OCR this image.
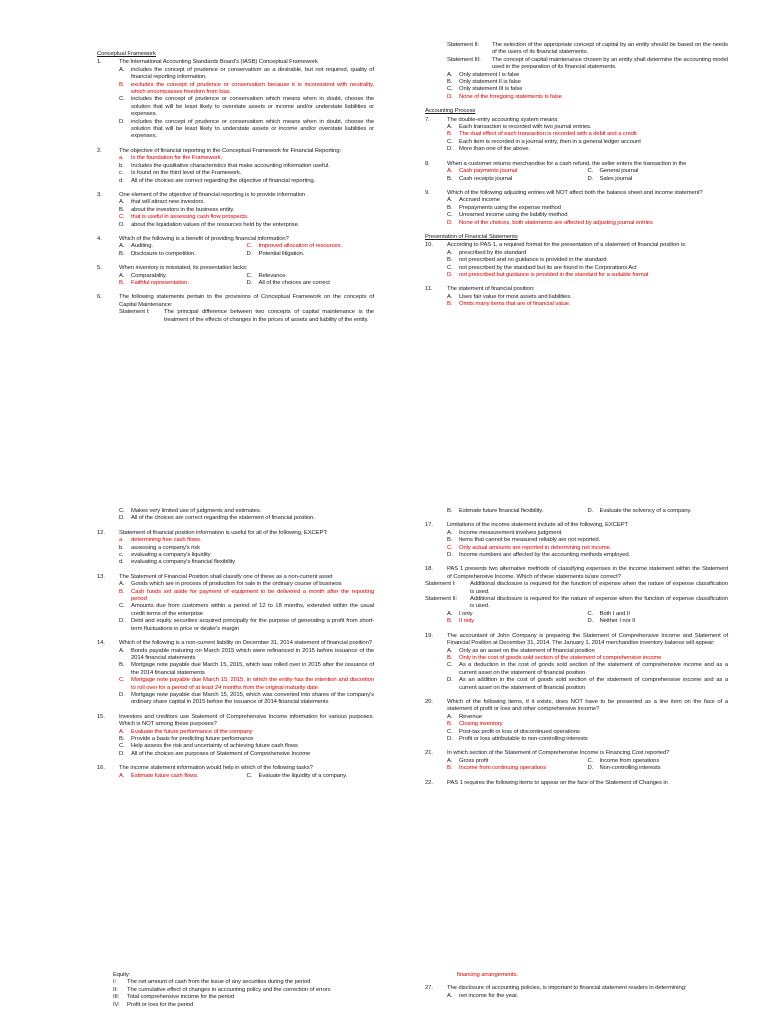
Conceptual Framework
1.	The International Accounting Standards Board's (IASB) Conceptual Framework
A.	includes the concept of prudence or conservatism as a desirable, but not required, quality of financial reporting information.
B.	excludes the concept of prudence or conservatism because it is inconsistent with neutrality, which encompasses freedom from bias.
C.	includes the concept of prudence or conservatism which means when in doubt, choose the solution that will be least likely to overstate assets or income and/or understate liabilities or expenses.
D.	includes the concept of prudence or conservatism which means when in doubt, choose the solution that will be least likely to understate assets or income and/or overstate liabilities or expenses.
2.	The objective of financial reporting in the Conceptual Framework for Financial Reporting:
a.	Is the foundation for the Framework.
b.	Includes the qualitative characteristics that make accounting information useful.
c.	Is found on the third level of the Framework.
d.	All of the choices are correct regarding the objective of financial reporting.
3.	One element of the objective of financial reporting is to provide information
A.	that will attract new investors.
B.	about the investors in the business entity.
C.	that is useful in assessing cash flow prospects.
D.	about the liquidation values of the resources held by the enterprise.
4.	Which of the following is a benefit of providing financial information?
A.	Auditing.	C.	Improved allocation of resources.
B.	Disclosure to competition.	D.	Potential litigation.
5.	When inventory is misstated, its presentation lacks:
A.	Comparability.	C.	Relevance.
B.	Faithful representation.	D.	All of the choices are correct
6.	The following statements pertain to the provisions of Conceptual Framework on the concepts of Capital Maintenance:
Statement I:	The principal difference between two concepts of capital maintenance is the treatment of the effects of changes in the prices of assets and liability of the entity.
Statement II:	The selection of the appropriate concept of capital by an entity should be based on the needs of the users of its financial statements.
Statement III:	The concept of capital maintenance chosen by an entity shall determine the accounting model used in the preparation of its financial statements.
A.	Only statement I is false
B.	Only statement II is false
C.	Only statement III is false
D.	None of the foregoing statements is false
Accounting Process
7.	The double-entry accounting system means:
A.	Each transaction is recorded with two journal entries.
B.	The dual effect of each transaction is recorded with a debit and a credit
C.	Each item is recorded in a journal entry, then in a general ledger account
D.	More than one of the above.
8.	When a customer returns merchandise for a cash refund, the seller enters the transaction in the
A.	Cash payments journal	C.	General journal
B.	Cash receipts journal	D.	Sales journal
9.	Which of the following adjusting entries will NOT affect both the balance sheet and income statement?
A.	Accrued income
B.	Prepayments using the expense method
C.	Unearned income using the liability method
D.	None of the choices, both statements are affected by adjusting journal entries
Presentation of Financial Statements
10.	According to PAS 1, a required format for the presentation of a statement of financial position is:
A.	prescribed by the standard
B.	not prescribed and no guidance is provided in the standard
C.	not prescribed by the standard but its are found in the Corporations Act
D.	not prescribed but guidance is provided in the standard for a suitable format
11.	The statement of financial position:
A.	Uses fair value for most assets and liabilities.
B.	Omits many items that are of financial value.
C.	Makes very limited use of judgments and estimates.
D.	All of the choices are correct regarding the statement of financial position.
12.	Statement of financial position information is useful for all of the following, EXCEPT:
a.	determining free cash flows.
b.	assessing a company's risk
c.	evaluating a company's liquidity
d.	evaluating a company's financial flexibility
13.	The Statement of Financial Position shall classify one of these as a non-current asset
A.	Goods which are in process of production for sale in the ordinary course of business
B.	Cash funds set aside for payment of equipment to be delivered a month after the reporting period
C.	Amounts due from customers within a period of 12 to 18 months, extended within the usual credit terms of the enterprise
D.	Debt and equity securities acquired principally for the purpose of generating a profit from short-term fluctuations in price or dealer's margin
14.	Which of the following is a non-current liability on December 31, 2014 statement of financial position?
A.	Bonds payable maturing on March 2015 which were refinanced in 2015 before issuance of the 2014 financial statements
B.	Mortgage note payable due March 15, 2015, which was rolled over in 2015 after the issuance of the 2014 financial statements
C.	Mortgage note payable due March 15, 2015, in which the entity has the intention and discretion to roll over for a period of at least 24 months from the original maturity date
D.	Mortgage note payable due March 15, 2015, which was converted into shares of the company's ordinary share capital in 2015 before the issuance of 2014 financial statements
15.	Investors and creditors use Statement of Comprehensive Income information for various purposes. Which is NOT among these purposes?
A.	Evaluate the future performance of the company
B.	Provide a basis for predicting future performance
C.	Help assess the risk and uncertainty of achieving future cash flows
D.	All of the choices are purposes of Statement of Comprehensive Income
16.	The income statement information would help in which of the following tasks?
A.	Estimate future cash flows.	C.	Evaluate the liquidity of a company.
B.	Estimate future financial flexibility.	D.	Evaluate the solvency of a company.
17.	Limitations of the income statement include all of the following, EXCEPT
A.	Income measurement involves judgment
B.	Items that cannot be measured reliably are not reported.
C.	Only actual amounts are reported in determining net income.
D.	Income numbers are affected by the accounting methods employed.
18.	PAS 1 presents two alternative methods of classifying expenses in the income statement within the Statement of Comprehensive Income. Which of these statements is/are correct?
Statement I:	Additional disclosure is required for the function of expense when the nature of expense classification is used.
Statement II:	Additional disclosure is required for the nature of expense when the function of expense classification is used.
A.	I only	C.	Both I and II
B.	II only	D.	Neither I nor II
19.	The accountant of John Company is preparing the Statement of Comprehensive Income and Statement of Financial Position at December 31, 2014. The January 1, 2014 merchandise inventory balance will appear:
A.	Only as an asset on the statement of financial position
B.	Only in the cost of goods sold section of the statement of comprehensive income
C.	As a deduction in the cost of goods sold section of the statement of comprehensive income and as a current asset on the statement of financial position
D.	As an addition in the cost of goods sold section of the statement of comprehensive income and as a current asset on the statement of financial position
20.	Which of the following items, if it exists, does NOT have to be presented as a line item on the face of a statement of profit or loss and other comprehensive income?
A.	Revenue
B.	Closing inventory
C.	Post-tax profit or loss of discontinued operations
D.	Profit or loss attributable to non-controlling interests
21.	In which section of the Statement of Comprehensive Income is Financing Cost reported?
A.	Gross profit	C.	Income from operations
B.	Income from continuing operations	D.	Non-controlling interests
22.	PAS 1 requires the following items to appear on the face of the Statement of Changes in
Equity:
I:	The net amount of cash from the issue of any securities during the period
II:	The cumulative effect of changes in accounting policy and the correction of errors
III:	Total comprehensive income for the period
IV:	Profit or loss for the period
financing arrangements.
27.	The disclosure of accounting policies, is important to financial statement readers in determining:
A.	net income for the year.
